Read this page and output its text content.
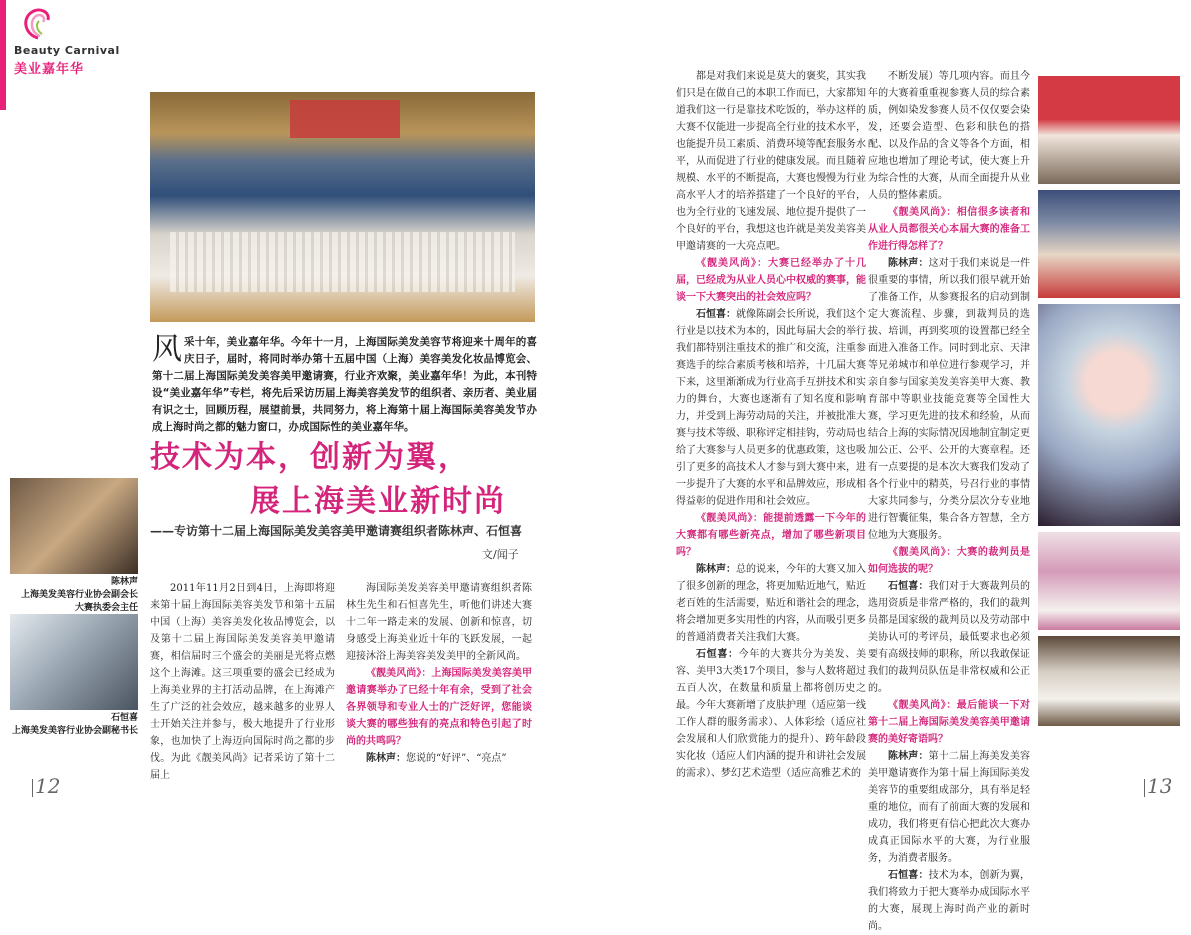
Beauty Carnival
美业嘉年华
风采十年，美业嘉年华。今年十一月，上海国际美发美容节将迎来十周年的喜庆日子，届时，将同时举办第十五届中国（上海）美容美发化妆品博览会、第十二届上海国际美发美容美甲邀请赛，行业齐欢聚，美业嘉年华！为此，本刊特设“美业嘉年华”专栏，将先后采访历届上海美容美发节的组织者、亲历者、美业届有识之士，回顾历程，展望前景，共同努力，将上海第十届上海国际美容美发节办成上海时尚之都的魅力窗口，办成国际性的美业嘉年华。
技术为本，创新为翼，
展上海美业新时尚
——专访第十二届上海国际美发美容美甲邀请赛组织者陈林声、石恒喜
文/闻子
陈林声
上海美发美容行业协会副会长
大赛执委会主任
石恒喜
上海美发美容行业协会副秘书长

2011年11月2日到4日，上海即将迎来第十届上海国际美容美发节和第十五届中国（上海）美容美发化妆品博览会，以及第十二届上海国际美发美容美甲邀请赛，相信届时三个盛会的美丽是光将点燃这个上海滩。这三项重要的盛会已经成为上海美业界的主打活动品牌，在上海滩产生了广泛的社会效应，越来越多的业界人士开始关注并参与，极大地提升了行业形象，也加快了上海迈向国际时尚之都的步伐。为此《靓美风尚》记者采访了第十二届上

海国际美发美容美甲邀请赛组织者陈林生先生和石恒喜先生，听他们讲述大赛十二年一路走来的发展、创新和惊喜，切身感受上海美业近十年的飞跃发展，一起迎接沐浴上海美容美发美甲的全新风尚。

《靓美风尚》：上海国际美发美容美甲邀请赛举办了已经十年有余，受到了社会各界领导和专业人士的广泛好评，您能谈谈大赛的哪些独有的亮点和特色引起了时尚的共鸣吗？

陈林声：您说的“好评”、“亮点”

12

都是对我们来说是莫大的褒奖，其实我们只是在做自己的本职工作而已，大家都知道我们这一行是靠技术吃饭的，举办这样的大赛不仅能进一步提高全行业的技术水平，也能提升员工素质、消费环境等配套服务水平，从而促进了行业的健康发展。而且随着规模、水平的不断提高，大赛也慢慢为行业高水平人才的培养搭建了一个良好的平台，也为全行业的飞速发展、地位提升提供了一个良好的平台，我想这也许就是美发美容美甲邀请赛的一大亮点吧。

《靓美风尚》：大赛已经举办了十几届，已经成为从业人员心中权威的赛事，能谈一下大赛突出的社会效应吗？

石恒喜：就像陈副会长所说，我们这个行业是以技术为本的，因此每届大会的举行我们都特别注重技术的推广和交流，注重参赛选手的综合素质考核和培养，十几届大赛下来，这里渐渐成为行业高手互拼技术和实力的舞台，大赛也逐渐有了知名度和影响力，并受到上海劳动局的关注，并被批准大赛与技术等级、职称评定相挂钩，劳动局也给了大赛参与人员更多的优惠政策，这也吸引了更多的高技术人才参与到大赛中来，进一步提升了大赛的水平和品牌效应，形成相得益彰的促进作用和社会效应。

《靓美风尚》：能提前透露一下今年的大赛都有哪些新亮点，增加了哪些新项目吗？

陈林声：总的说来，今年的大赛又加入了很多创新的理念，将更加贴近地气，贴近老百姓的生活需要，贴近和谐社会的理念，将会增加更多实用性的内容，从而吸引更多的普通消费者关注我们大赛。

石恒喜：今年的大赛共分为美发、美容、美甲3大类17个项目，参与人数将超过五百人次，在数量和质量上都将创历史之最。今年大赛新增了皮肤护理（适应第一线工作人群的服务需求）、人体彩绘（适应社会发展和人们欣赏能力的提升）、跨年龄段实化妆（适应人们内涵的提升和讲社会发展的需求）、梦幻艺术造型（适应高雅艺术的

不断发展）等几项内容。而且今年的大赛着重重视参赛人员的综合素质，例如染发参赛人员不仅仅要会染发，还要会造型、色彩和肤色的搭配、以及作品的含义等各个方面，相应地也增加了理论考试，使大赛上升为综合性的大赛，从而全面提升从业人员的整体素质。

《靓美风尚》：相信很多读者和从业人员都很关心本届大赛的准备工作进行得怎样了？

陈林声：这对于我们来说是一件很重要的事情，所以我们很早就开始了准备工作，从参赛报名的启动到制定大赛流程、步骤，到裁判员的选拔、培训，再到奖项的设置都已经全面进入准备工作。同时到北京、天津等兄弟城市和单位进行参观学习，并亲自参与国家美发美容美甲大赛、教育部中等职业技能竞赛等全国性大赛，学习更先进的技术和经验，从而结合上海的实际情况因地制宜制定更加公正、公平、公开的大赛章程。还有一点要提的是本次大赛我们发动了各个行业中的精英，号召行业的事情大家共同参与，分类分层次分专业地进行智囊征集，集合各方智慧，全方位地为大赛服务。

《靓美风尚》：大赛的裁判员是如何选拔的呢？

石恒喜：我们对于大赛裁判员的选用资质是非常严格的，我们的裁判员都是国家级的裁判员以及劳动部中美协认可的考评员，最低要求也必须要有高级技师的职称，所以我敢保证我们的裁判员队伍是非常权威和公正的。

《靓美风尚》：最后能谈一下对第十二届上海国际美发美容美甲邀请赛的美好寄语吗？

陈林声：第十二届上海美发美容美甲邀请赛作为第十届上海国际美发美容节的重要组成部分，具有举足轻重的地位，而有了前面大赛的发展和成功，我们将更有信心把此次大赛办成真正国际水平的大赛，为行业服务，为消费者服务。

石恒喜：技术为本，创新为翼，我们将致力于把大赛举办成国际水平的大赛，展现上海时尚产业的新时尚。

13
